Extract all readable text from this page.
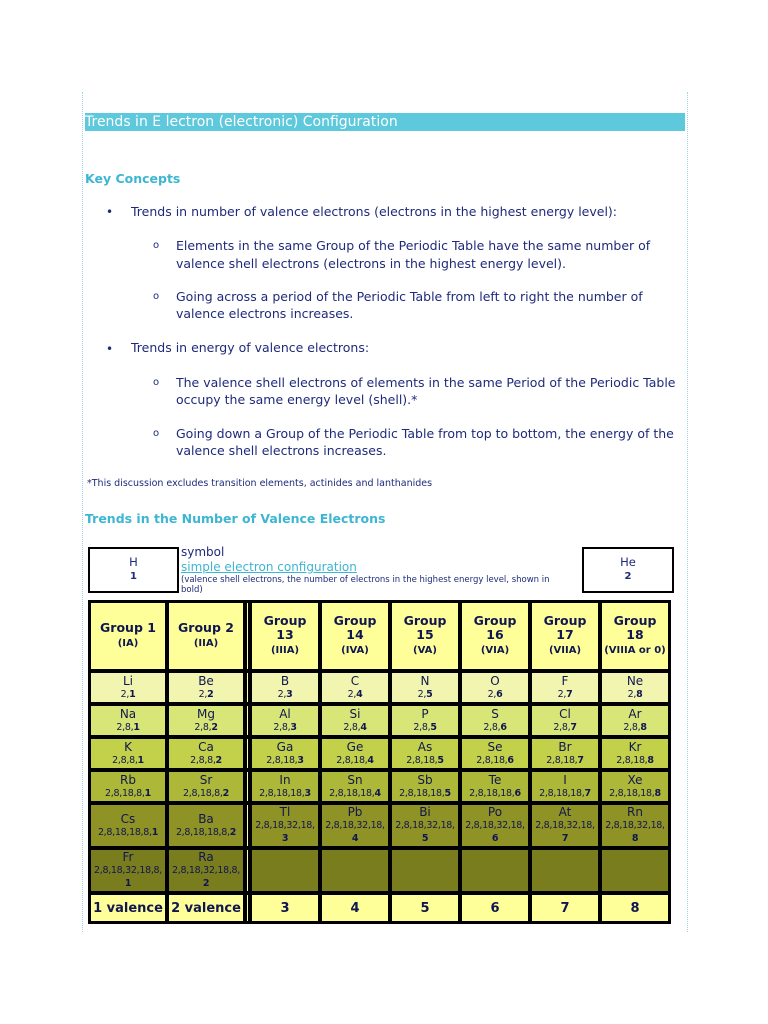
Trends in E lectron (electronic) Configuration
Key Concepts
• Trends in number of valence electrons (electrons in the highest energy level):
o Elements in the same Group of the Periodic Table have the same number of
valence shell electrons (electrons in the highest energy level).
o Going across a period of the Periodic Table from left to right the number of
valence electrons increases.
• Trends in energy of valence electrons:
o The valence shell electrons of elements in the same Period of the Periodic Table
occupy the same energy level (shell).*
o Going down a Group of the Periodic Table from top to bottom, the energy of the
valence shell electrons increases.
*This discussion excludes transition elements, actinides and lanthanides
Trends in the Number of Valence Electrons
H
1
symbol
simple electron configuration
(valence shell electrons, the number of electrons in the highest energy level, shown in bold)
He
2
Group 1
(IA)	Group 2
(IIA)		Group
13
(IIIA)	Group
14
(IVA)	Group
15
(VA)	Group
16
(VIA)	Group
17
(VIIA)	Group
18
(VIIIA or 0)
Li
2,1	Be
2,2		B
2,3	C
2,4	N
2,5	O
2,6	F
2,7	Ne
2,8

Na
2,8,1	Mg
2,8,2		Al
2,8,3	Si
2,8,4	P
2,8,5	S
2,8,6	Cl
2,8,7	Ar
2,8,8

K
2,8,8,1	Ca
2,8,8,2		Ga
2,8,18,3	Ge
2,8,18,4	As
2,8,18,5	Se
2,8,18,6	Br
2,8,18,7	Kr
2,8,18,8

Rb
2,8,18,8,1	Sr
2,8,18,8,2		In
2,8,18,18,3	Sn
2,8,18,18,4	Sb
2,8,18,18,5	Te
2,8,18,18,6	I
2,8,18,18,7	Xe
2,8,18,18,8

Cs
2,8,18,18,8,1	Ba
2,8,18,18,8,2		Tl
2,8,18,32,18,
3	Pb
2,8,18,32,18,
4	Bi
2,8,18,32,18,
5	Po
2,8,18,32,18,
6	At
2,8,18,32,18,
7	Rn
2,8,18,32,18,
8

Fr
2,8,18,32,18,8,
1	Ra
2,8,18,32,18,8,
2							

1 valence	2 valence		3	4	5	6	7	8
